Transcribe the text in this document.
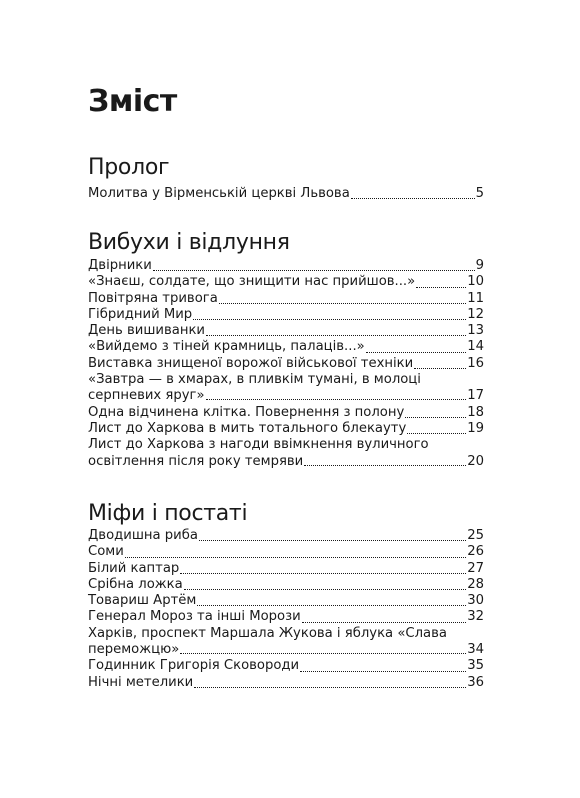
Зміст
Пролог
Молитва у Вірменській церкві Львова	5
Вибухи і відлуння
Двірники	9
«Знаєш, солдате, що знищити нас прийшов...»	10
Повітряна тривога	11
Гібридний Мир	12
День вишиванки	13
«Вийдемо з тіней крамниць, палаців...»	14
Виставка знищеної ворожої військової техніки	16
«Завтра — в хмарах, в пливкім тумані, в молоці
серпневих яруг»	17
Одна відчинена клітка. Повернення з полону	18
Лист до Харкова в мить тотального блекауту	19
Лист до Харкова з нагоди ввімкнення вуличного
освітлення після року темряви	20
Міфи і постаті
Дводишна риба	25
Соми	26
Білий каптар	27
Срібна ложка	28
Товариш Артём	30
Генерал Мороз та інші Морози	32
Харків, проспект Маршала Жукова і яблука «Слава
переможцю»	34
Годинник Григорія Сковороди	35
Нічні метелики	36
